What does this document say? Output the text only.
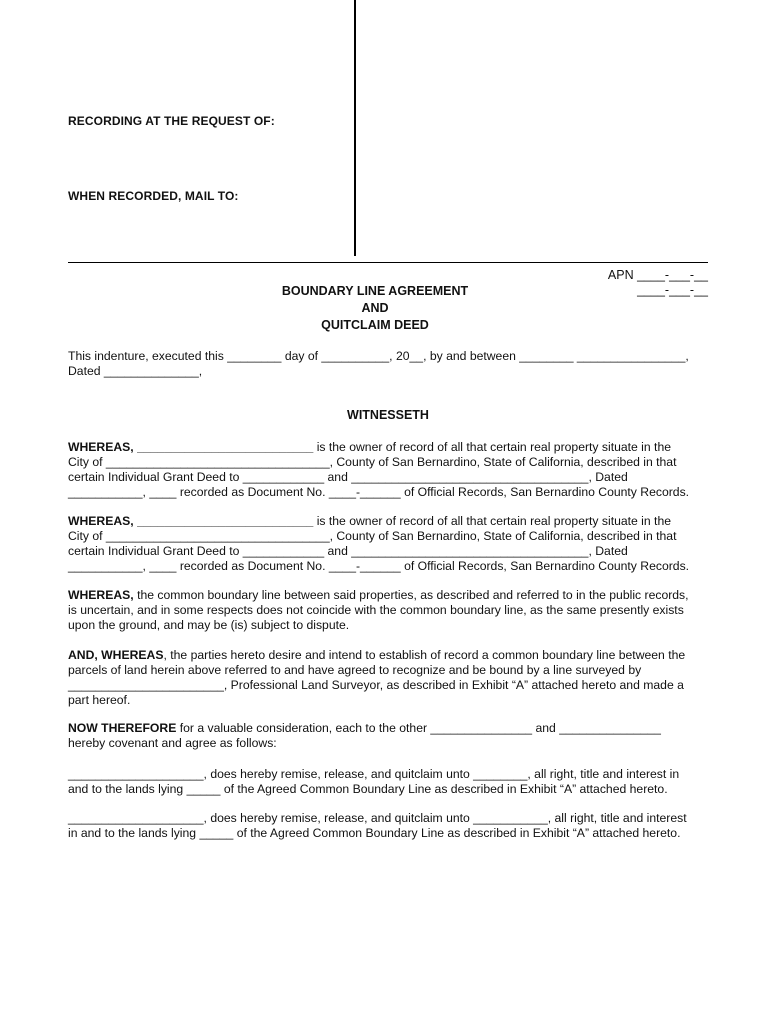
RECORDING AT THE REQUEST OF:
WHEN RECORDED, MAIL TO:
APN ____-___-__
____-___-__
BOUNDARY LINE AGREEMENT
AND
QUITCLAIM DEED
This indenture, executed this ________ day of __________, 20__, by and between ________ ________________,
Dated ______________,
WITNESSETH
WHEREAS, __________________________ is the owner of record of all that certain real property situate in the
City of _________________________________, County of San Bernardino, State of California, described in that
certain Individual Grant Deed to ____________ and ___________________________________, Dated
___________, ____ recorded as Document No. ____-______ of Official Records, San Bernardino County Records.
WHEREAS, __________________________ is the owner of record of all that certain real property situate in the
City of _________________________________, County of San Bernardino, State of California, described in that
certain Individual Grant Deed to ____________ and ___________________________________, Dated
___________, ____ recorded as Document No. ____-______ of Official Records, San Bernardino County Records.
WHEREAS, the common boundary line between said properties, as described and referred to in the public records,
is uncertain, and in some respects does not coincide with the common boundary line, as the same presently exists
upon the ground, and may be (is) subject to dispute.
AND, WHEREAS, the parties hereto desire and intend to establish of record a common boundary line between the
parcels of land herein above referred to and have agreed to recognize and be bound by a line surveyed by
_______________________, Professional Land Surveyor, as described in Exhibit “A” attached hereto and made a
part hereof.
NOW THEREFORE for a valuable consideration, each to the other _______________ and _______________
hereby covenant and agree as follows:
____________________, does hereby remise, release, and quitclaim unto ________, all right, title and interest in
and to the lands lying _____ of the Agreed Common Boundary Line as described in Exhibit “A” attached hereto.
____________________, does hereby remise, release, and quitclaim unto ___________, all right, title and interest
in and to the lands lying _____ of the Agreed Common Boundary Line as described in Exhibit “A” attached hereto.
